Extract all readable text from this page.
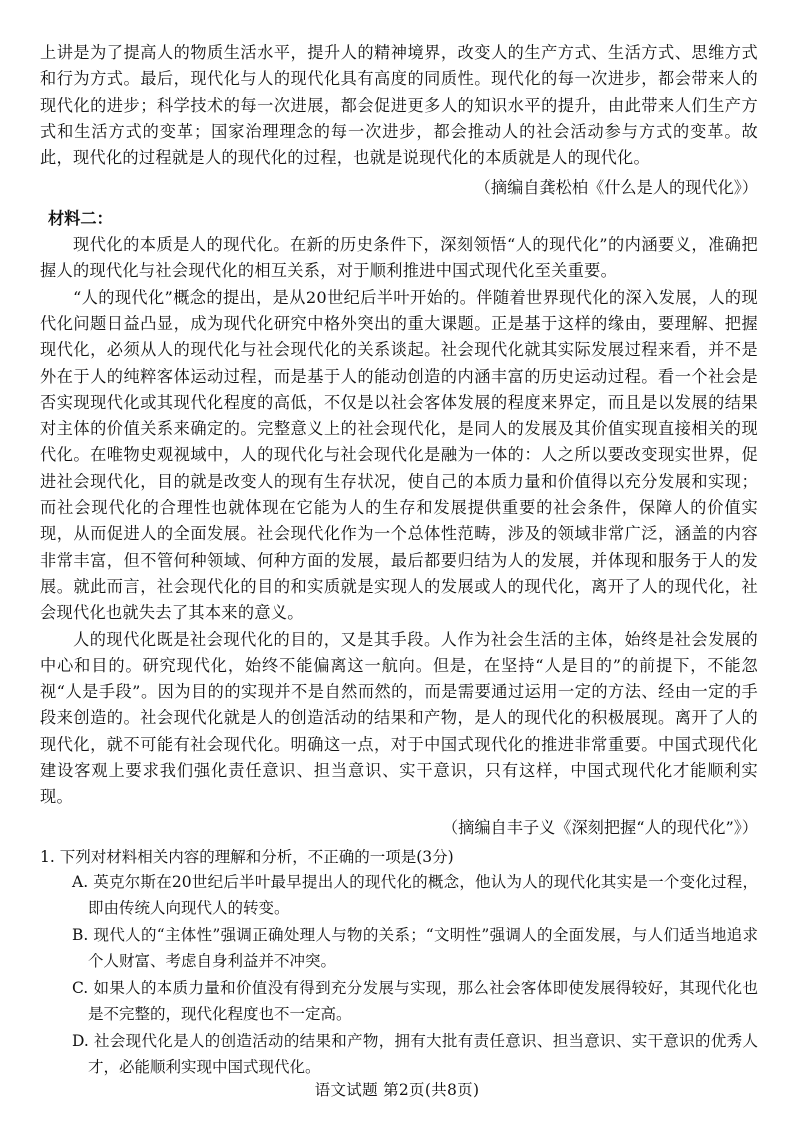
上讲是为了提高人的物质生活水平，提升人的精神境界，改变人的生产方式、生活方式、思维方式和行为方式。最后，现代化与人的现代化具有高度的同质性。现代化的每一次进步，都会带来人的现代化的进步；科学技术的每一次进展，都会促进更多人的知识水平的提升，由此带来人们生产方式和生活方式的变革；国家治理理念的每一次进步，都会推动人的社会活动参与方式的变革。故此，现代化的过程就是人的现代化的过程，也就是说现代化的本质就是人的现代化。

（摘编自龚松柏《什么是人的现代化》）

材料二：

现代化的本质是人的现代化。在新的历史条件下，深刻领悟“人的现代化”的内涵要义，准确把握人的现代化与社会现代化的相互关系，对于顺利推进中国式现代化至关重要。

“人的现代化”概念的提出，是从20世纪后半叶开始的。伴随着世界现代化的深入发展，人的现代化问题日益凸显，成为现代化研究中格外突出的重大课题。正是基于这样的缘由，要理解、把握现代化，必须从人的现代化与社会现代化的关系谈起。社会现代化就其实际发展过程来看，并不是外在于人的纯粹客体运动过程，而是基于人的能动创造的内涵丰富的历史运动过程。看一个社会是否实现现代化或其现代化程度的高低，不仅是以社会客体发展的程度来界定，而且是以发展的结果对主体的价值关系来确定的。完整意义上的社会现代化，是同人的发展及其价值实现直接相关的现代化。在唯物史观视域中，人的现代化与社会现代化是融为一体的：人之所以要改变现实世界，促进社会现代化，目的就是改变人的现有生存状况，使自己的本质力量和价值得以充分发展和实现；而社会现代化的合理性也就体现在它能为人的生存和发展提供重要的社会条件，保障人的价值实现，从而促进人的全面发展。社会现代化作为一个总体性范畴，涉及的领域非常广泛，涵盖的内容非常丰富，但不管何种领域、何种方面的发展，最后都要归结为人的发展，并体现和服务于人的发展。就此而言，社会现代化的目的和实质就是实现人的发展或人的现代化，离开了人的现代化，社会现代化也就失去了其本来的意义。

人的现代化既是社会现代化的目的，又是其手段。人作为社会生活的主体，始终是社会发展的中心和目的。研究现代化，始终不能偏离这一航向。但是，在坚持“人是目的”的前提下，不能忽视“人是手段”。因为目的的实现并不是自然而然的，而是需要通过运用一定的方法、经由一定的手段来创造的。社会现代化就是人的创造活动的结果和产物，是人的现代化的积极展现。离开了人的现代化，就不可能有社会现代化。明确这一点，对于中国式现代化的推进非常重要。中国式现代化建设客观上要求我们强化责任意识、担当意识、实干意识，只有这样，中国式现代化才能顺利实现。

（摘编自丰子义《深刻把握“人的现代化”》）

1. 下列对材料相关内容的理解和分析，不正确的一项是(3分)

A. 英克尔斯在20世纪后半叶最早提出人的现代化的概念，他认为人的现代化其实是一个变化过程，即由传统人向现代人的转变。

B. 现代人的“主体性”强调正确处理人与物的关系；“文明性”强调人的全面发展，与人们适当地追求个人财富、考虑自身利益并不冲突。

C. 如果人的本质力量和价值没有得到充分发展与实现，那么社会客体即使发展得较好，其现代化也是不完整的，现代化程度也不一定高。

D. 社会现代化是人的创造活动的结果和产物，拥有大批有责任意识、担当意识、实干意识的优秀人才，必能顺利实现中国式现代化。

语文试题 第2页(共8页)
